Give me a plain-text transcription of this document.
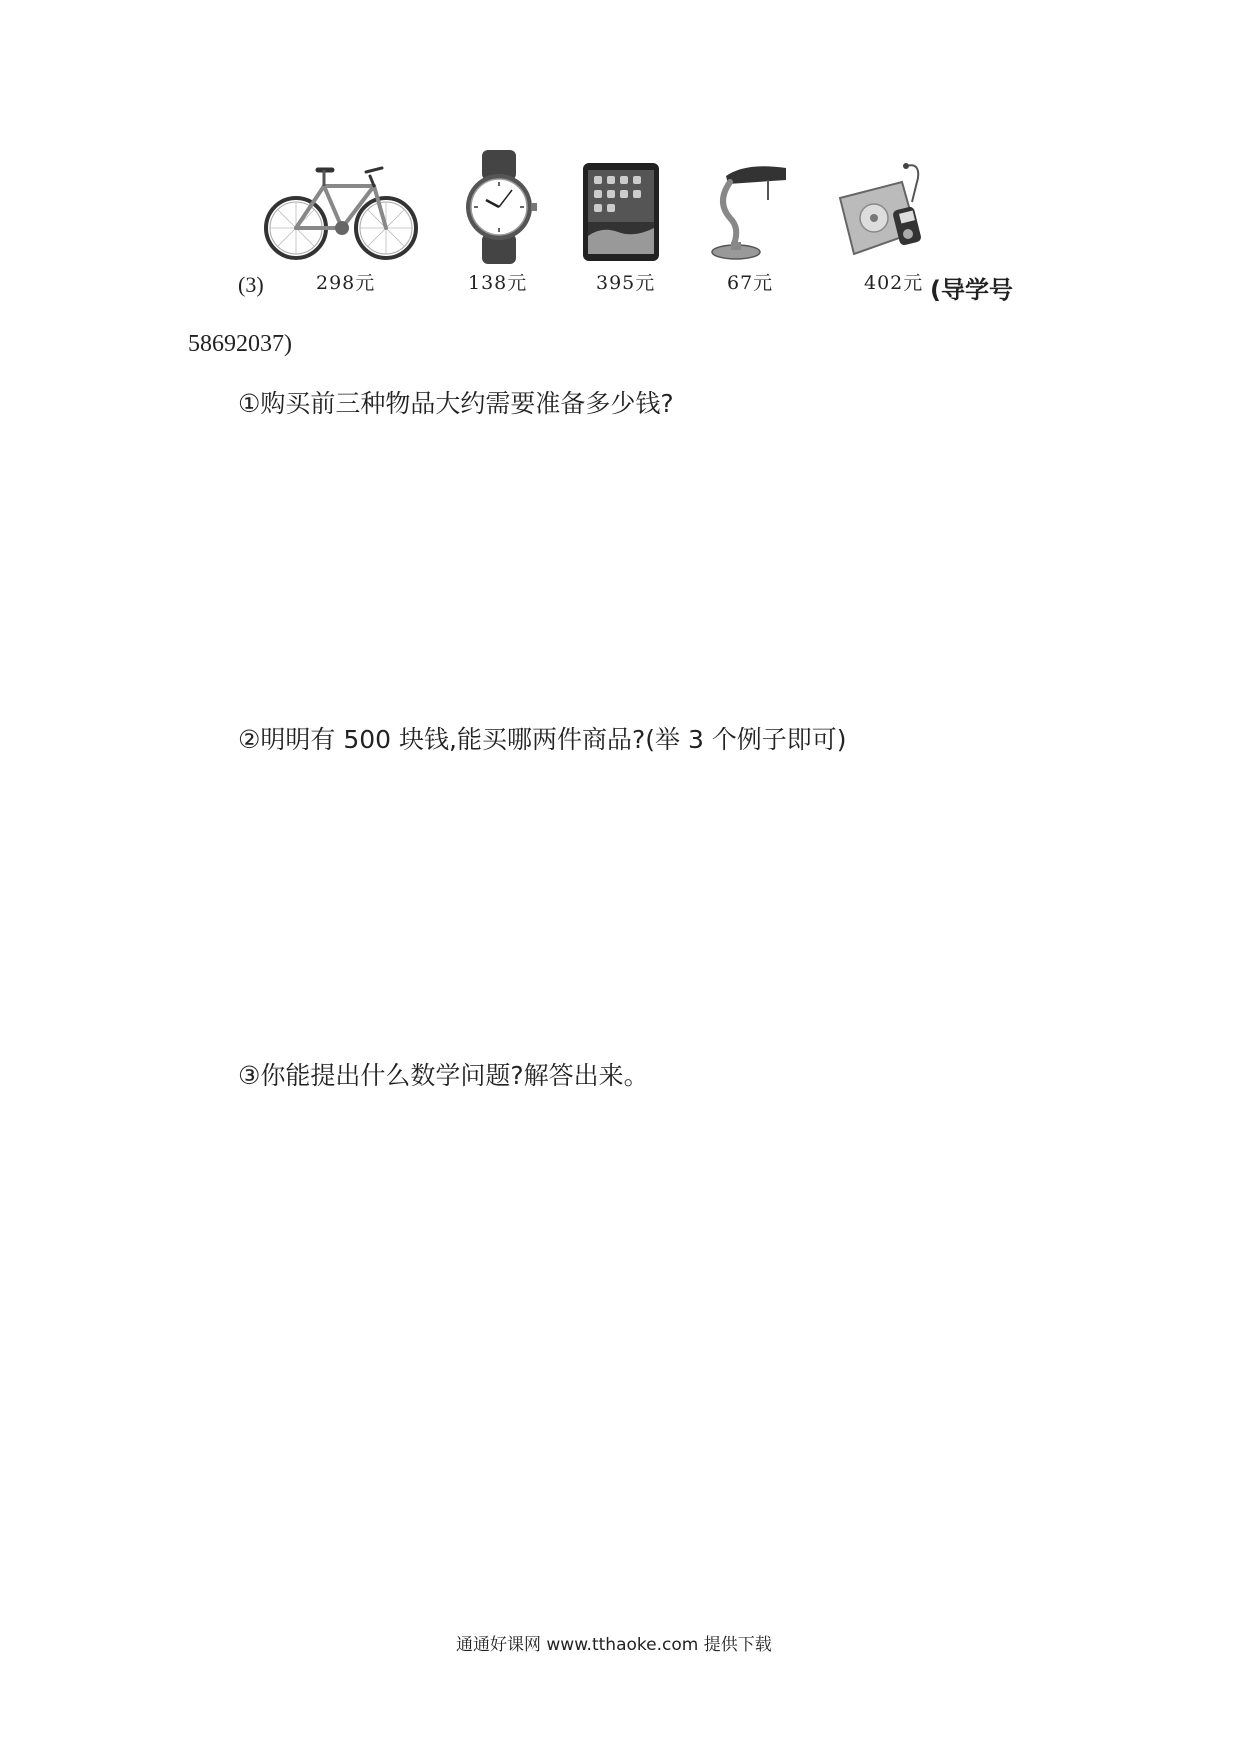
298元	138元	395元	67元	402元
(3)	(导学号
58692037)
①购买前三种物品大约需要准备多少钱?
②明明有 500 块钱,能买哪两件商品?(举 3 个例子即可)
③你能提出什么数学问题?解答出来。
通通好课网 www.tthaoke.com 提供下载
